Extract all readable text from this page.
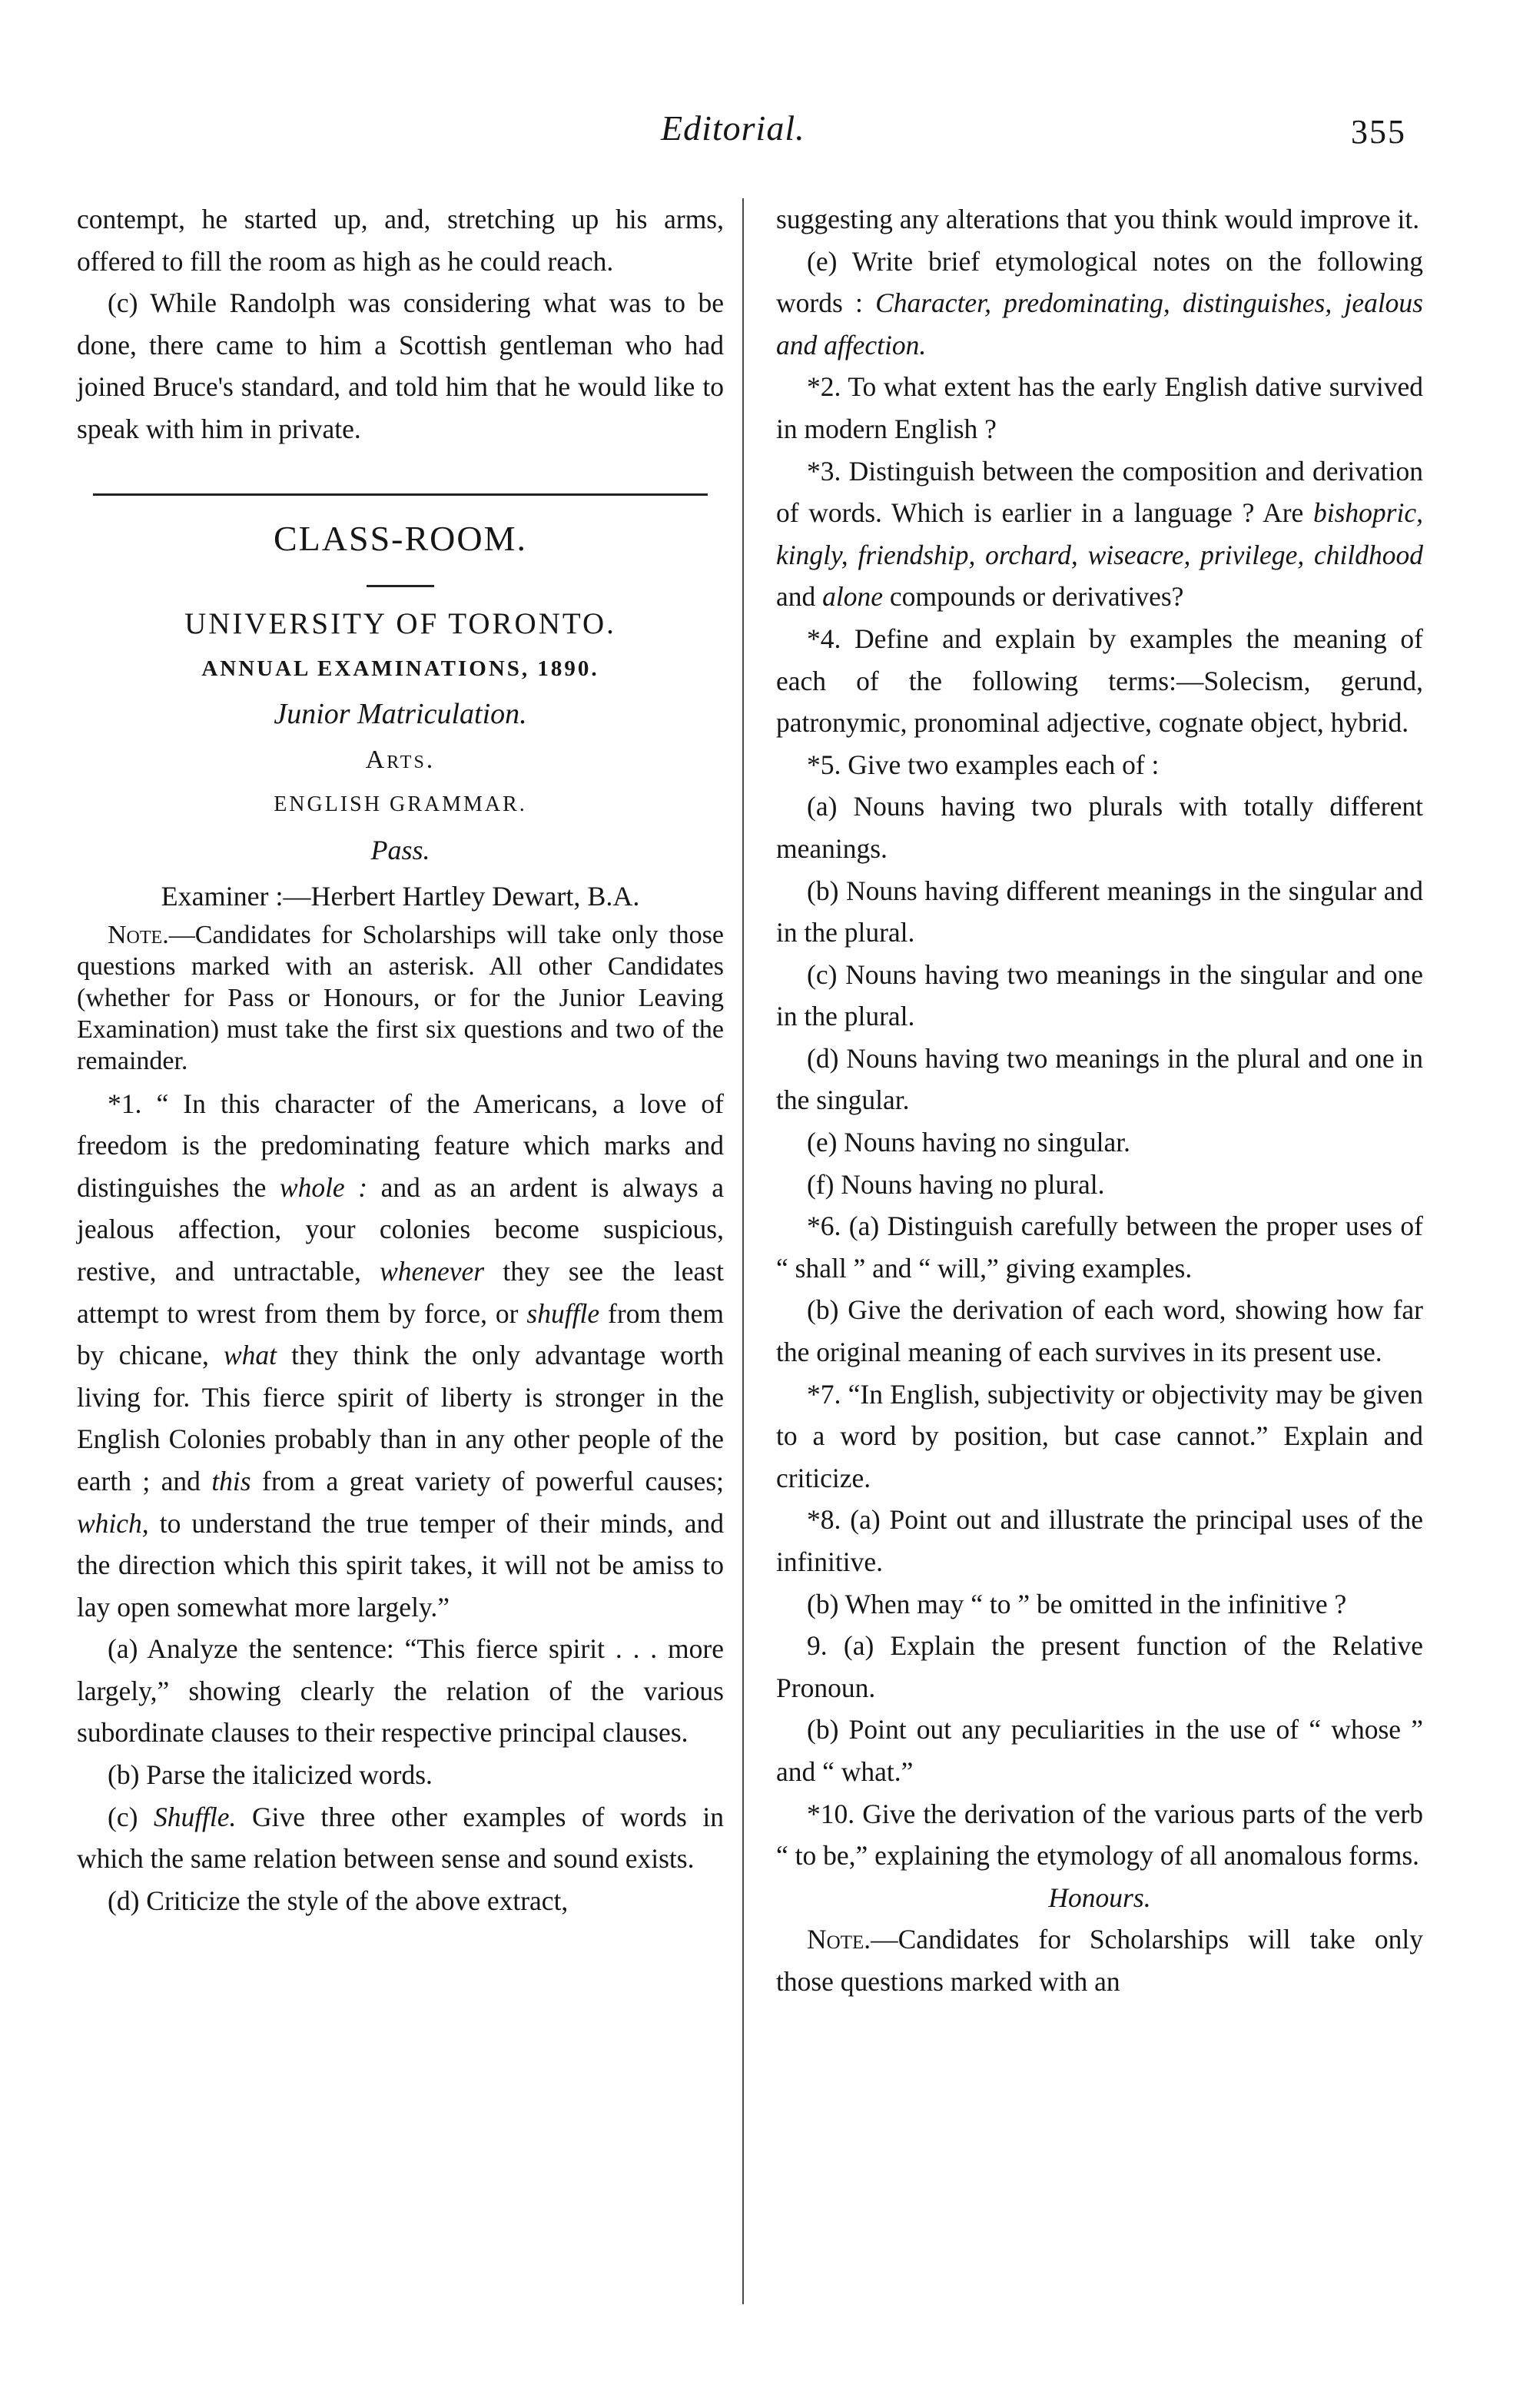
Editorial.	355

contempt, he started up, and, stretching up his arms, offered to fill the room as high as he could reach.

(c) While Randolph was considering what was to be done, there came to him a Scottish gentleman who had joined Bruce's standard, and told him that he would like to speak with him in private.

CLASS-ROOM.

UNIVERSITY OF TORONTO.

ANNUAL EXAMINATIONS, 1890.

Junior Matriculation.

Arts.

ENGLISH GRAMMAR.

Pass.

Examiner :—Herbert Hartley Dewart, B.A.

Note.—Candidates for Scholarships will take only those questions marked with an asterisk. All other Candidates (whether for Pass or Honours, or for the Junior Leaving Examination) must take the first six questions and two of the remainder.

*1. “ In this character of the Americans, a love of freedom is the predominating feature which marks and distinguishes the whole : and as an ardent is always a jealous affection, your colonies become suspicious, restive, and untractable, whenever they see the least attempt to wrest from them by force, or shuffle from them by chicane, what they think the only advantage worth living for. This fierce spirit of liberty is stronger in the English Colonies probably than in any other people of the earth ; and this from a great variety of powerful causes; which, to understand the true temper of their minds, and the direction which this spirit takes, it will not be amiss to lay open somewhat more largely.”

(a) Analyze the sentence: “This fierce spirit . . . more largely,” showing clearly the relation of the various subordinate clauses to their respective principal clauses.

(b) Parse the italicized words.

(c) Shuffle. Give three other examples of words in which the same relation between sense and sound exists.

(d) Criticize the style of the above extract,

suggesting any alterations that you think would improve it.

(e) Write brief etymological notes on the following words : Character, predominating, distinguishes, jealous and affection.

*2. To what extent has the early English dative survived in modern English ?

*3. Distinguish between the composition and derivation of words. Which is earlier in a language ? Are bishopric, kingly, friendship, orchard, wiseacre, privilege, childhood and alone compounds or derivatives?

*4. Define and explain by examples the meaning of each of the following terms:—Solecism, gerund, patronymic, pronominal adjective, cognate object, hybrid.

*5. Give two examples each of :

(a) Nouns having two plurals with totally different meanings.

(b) Nouns having different meanings in the singular and in the plural.

(c) Nouns having two meanings in the singular and one in the plural.

(d) Nouns having two meanings in the plural and one in the singular.

(e) Nouns having no singular.

(f) Nouns having no plural.

*6. (a) Distinguish carefully between the proper uses of “ shall ” and “ will,” giving examples.

(b) Give the derivation of each word, showing how far the original meaning of each survives in its present use.

*7. “In English, subjectivity or objectivity may be given to a word by position, but case cannot.” Explain and criticize.

*8. (a) Point out and illustrate the principal uses of the infinitive.

(b) When may “ to ” be omitted in the infinitive ?

9. (a) Explain the present function of the Relative Pronoun.

(b) Point out any peculiarities in the use of “ whose ” and “ what.”

*10. Give the derivation of the various parts of the verb “ to be,” explaining the etymology of all anomalous forms.

Honours.

Note.—Candidates for Scholarships will take only those questions marked with an
